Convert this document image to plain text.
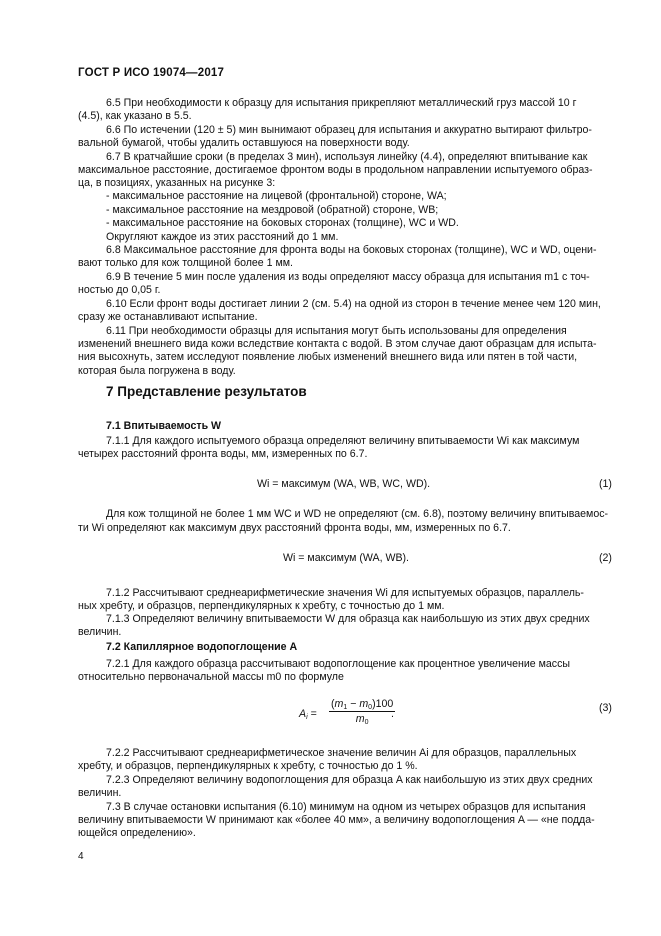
ГОСТ Р ИСО 19074—2017
6.5 При необходимости к образцу для испытания прикрепляют металлический груз массой 10 г
(4.5), как указано в 5.5.
6.6 По истечении (120 ± 5) мин вынимают образец для испытания и аккуратно вытирают фильтро-
вальной бумагой, чтобы удалить оставшуюся на поверхности воду.
6.7 В кратчайшие сроки (в пределах 3 мин), используя линейку (4.4), определяют впитывание как
максимальное расстояние, достигаемое фронтом воды в продольном направлении испытуемого образ-
ца, в позициях, указанных на рисунке 3:
- максимальное расстояние на лицевой (фронтальной) стороне, WA;
- максимальное расстояние на мездровой (обратной) стороне, WB;
- максимальное расстояние на боковых сторонах (толщине), WC и WD.
Округляют каждое из этих расстояний до 1 мм.
6.8 Максимальное расстояние для фронта воды на боковых сторонах (толщине), WC и WD, оцени-
вают только для кож толщиной более 1 мм.
6.9 В течение 5 мин после удаления из воды определяют массу образца для испытания m1 с точ-
ностью до 0,05 г.
6.10 Если фронт воды достигает линии 2 (см. 5.4) на одной из сторон в течение менее чем 120 мин,
сразу же останавливают испытание.
6.11 При необходимости образцы для испытания могут быть использованы для определения
изменений внешнего вида кожи вследствие контакта с водой. В этом случае дают образцам для испыта-
ния высохнуть, затем исследуют появление любых изменений внешнего вида или пятен в той части,
которая была погружена в воду.
7 Представление результатов
7.1 Впитываемость W
7.1.1 Для каждого испытуемого образца определяют величину впитываемости Wi как максимум
четырех расстояний фронта воды, мм, измеренных по 6.7.
Wi = максимум (WA, WB, WC, WD).	(1)
Для кож толщиной не более 1 мм WC и WD не определяют (см. 6.8), поэтому величину впитываемос-
ти Wi определяют как максимум двух расстояний фронта воды, мм, измеренных по 6.7.
Wi = максимум (WA, WB).	(2)
7.1.2 Рассчитывают среднеарифметические значения Wi для испытуемых образцов, параллель-
ных хребту, и образцов, перпендикулярных к хребту, с точностью до 1 мм.
7.1.3 Определяют величину впитываемости W для образца как наибольшую из этих двух средних
величин.
7.2 Капиллярное водопоглощение A
7.2.1 Для каждого образца рассчитывают водопоглощение как процентное увеличение массы
относительно первоначальной массы m0 по формуле
$A_i = \frac{(m_1 - m_0)100}{m_0}$
.	(3)
7.2.2 Рассчитывают среднеарифметическое значение величин Ai для образцов, параллельных
хребту, и образцов, перпендикулярных к хребту, с точностью до 1 %.
7.2.3 Определяют величину водопоглощения для образца A как наибольшую из этих двух средних
величин.
7.3 В случае остановки испытания (6.10) минимум на одном из четырех образцов для испытания
величину впитываемости W принимают как «более 40 мм», а величину водопоглощения A — «не подда-
ющейся определению».
4
